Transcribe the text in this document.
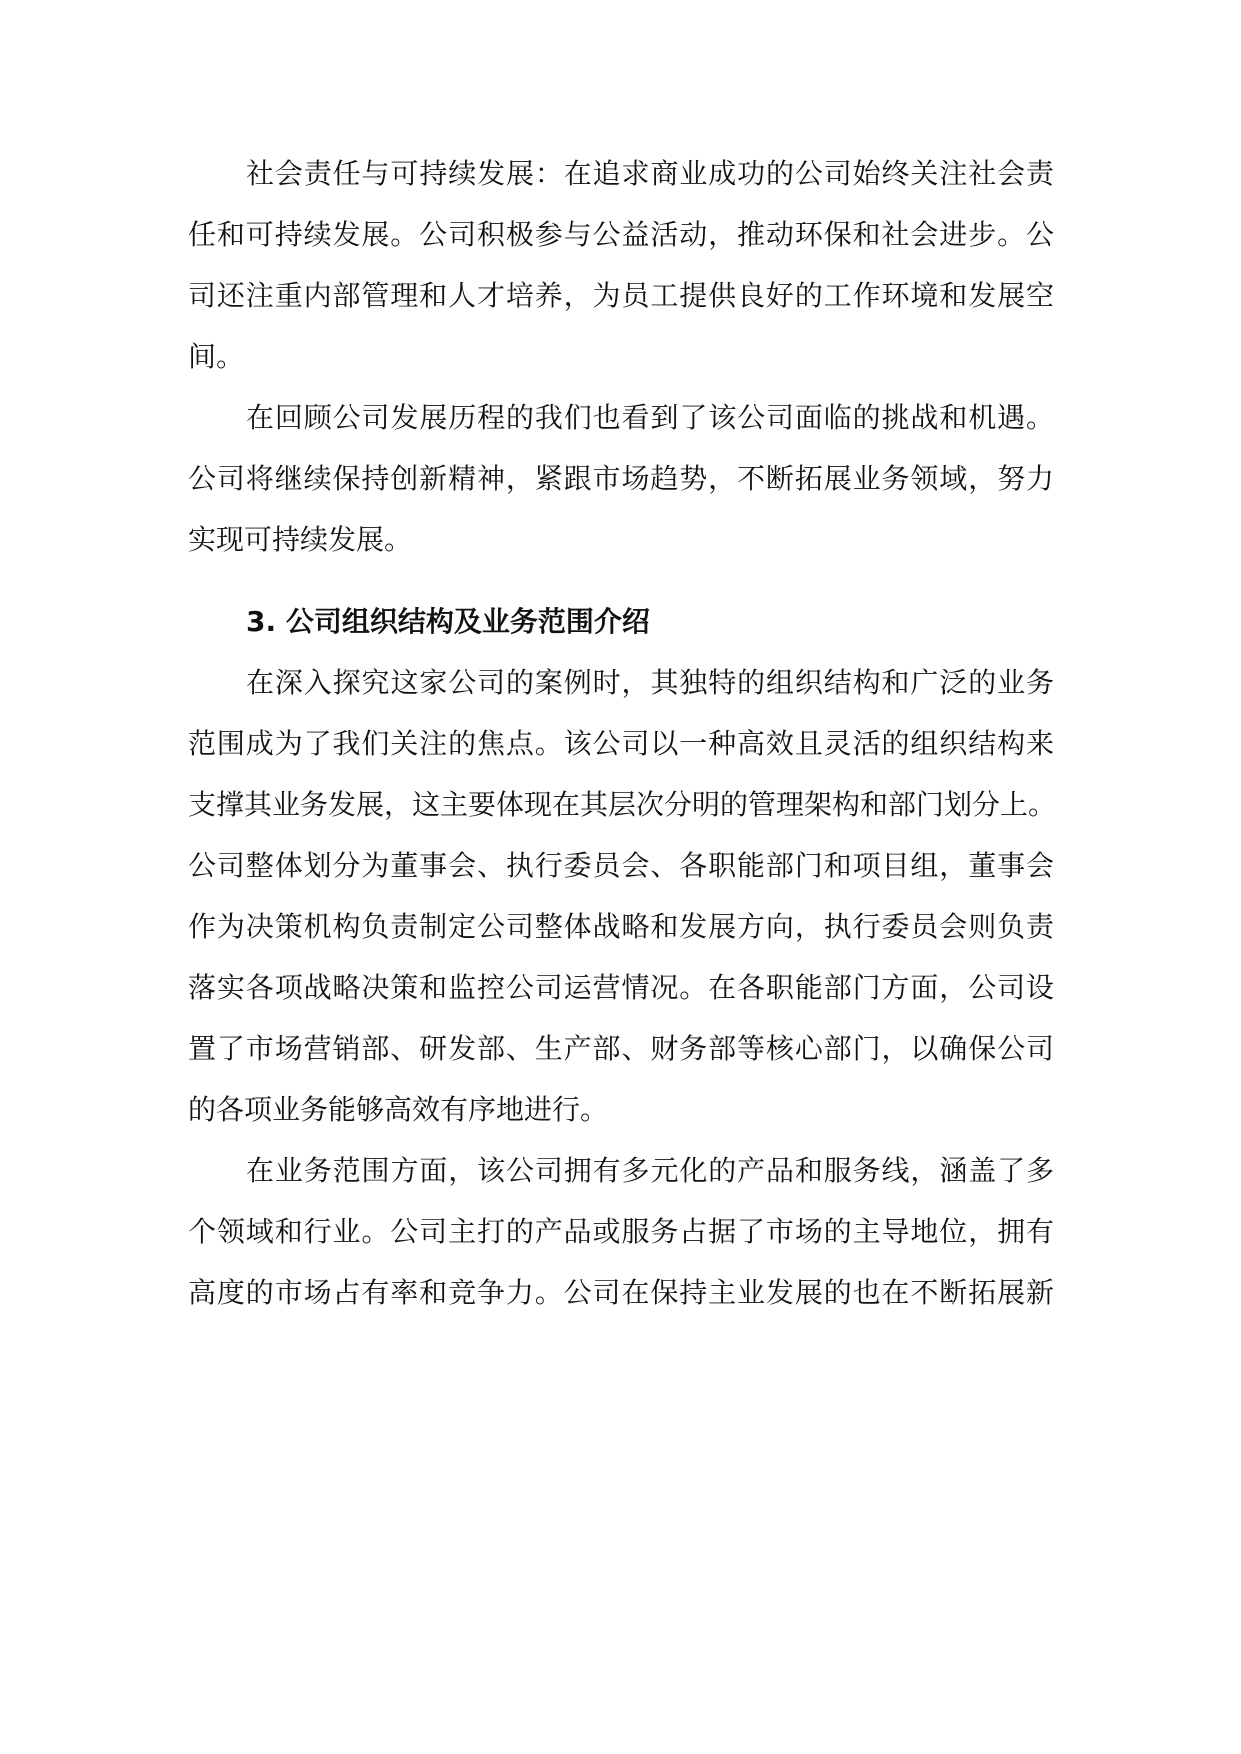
社会责任与可持续发展：在追求商业成功的公司始终关注社会责
任和可持续发展。公司积极参与公益活动，推动环保和社会进步。公
司还注重内部管理和人才培养，为员工提供良好的工作环境和发展空
间。
在回顾公司发展历程的我们也看到了该公司面临的挑战和机遇。
公司将继续保持创新精神，紧跟市场趋势，不断拓展业务领域，努力
实现可持续发展。
3. 公司组织结构及业务范围介绍
在深入探究这家公司的案例时，其独特的组织结构和广泛的业务
范围成为了我们关注的焦点。该公司以一种高效且灵活的组织结构来
支撑其业务发展，这主要体现在其层次分明的管理架构和部门划分上。
公司整体划分为董事会、执行委员会、各职能部门和项目组，董事会
作为决策机构负责制定公司整体战略和发展方向，执行委员会则负责
落实各项战略决策和监控公司运营情况。在各职能部门方面，公司设
置了市场营销部、研发部、生产部、财务部等核心部门，以确保公司
的各项业务能够高效有序地进行。
在业务范围方面，该公司拥有多元化的产品和服务线，涵盖了多
个领域和行业。公司主打的产品或服务占据了市场的主导地位，拥有
高度的市场占有率和竞争力。公司在保持主业发展的也在不断拓展新
